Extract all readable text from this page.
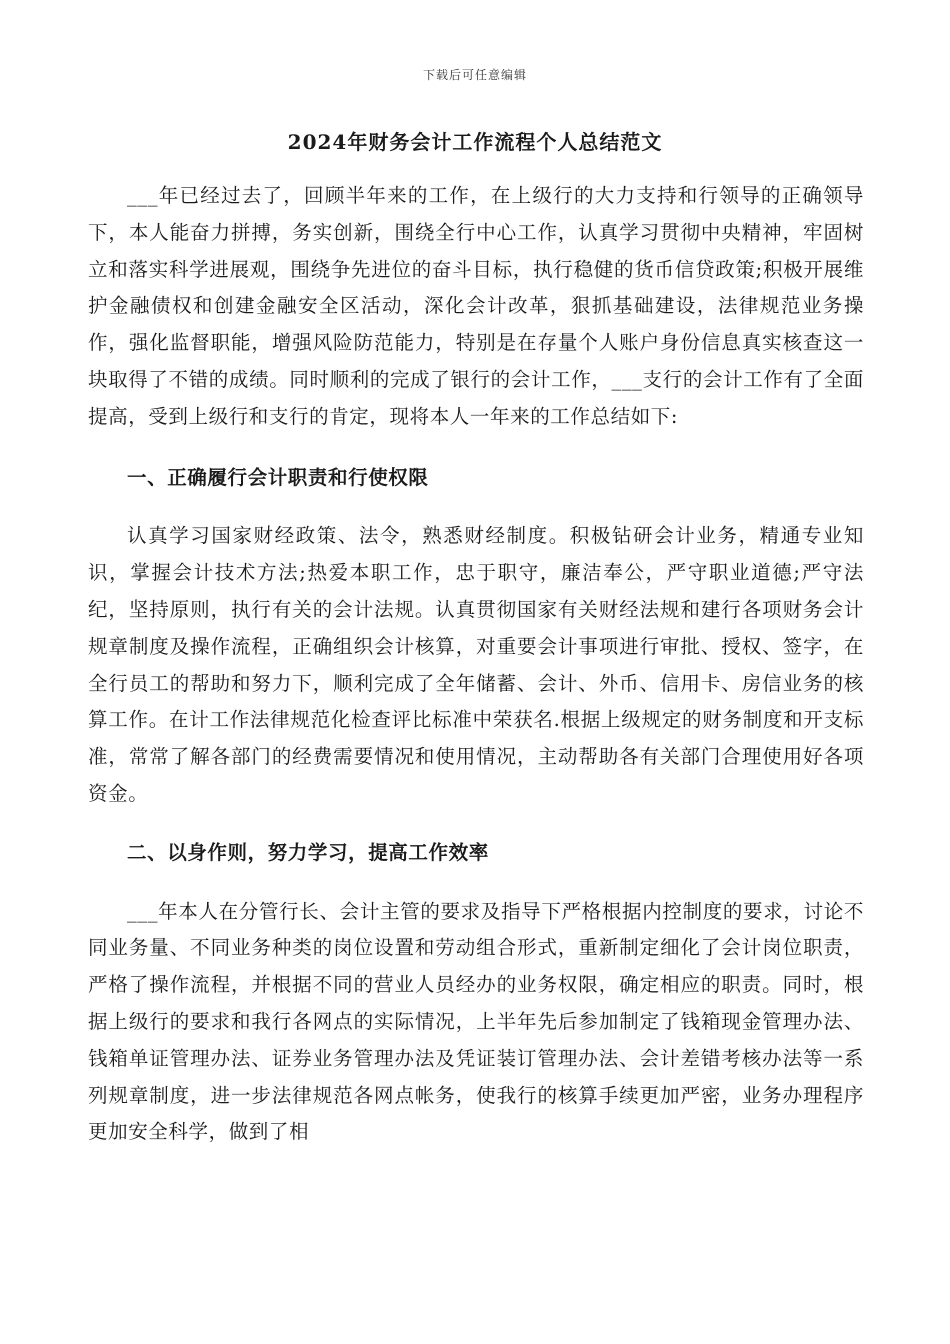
下载后可任意编辑
2024年财务会计工作流程个人总结范文

___年已经过去了，回顾半年来的工作，在上级行的大力支持和行领导的正确领导下，本人能奋力拼搏，务实创新，围绕全行中心工作，认真学习贯彻中央精神，牢固树立和落实科学进展观，围绕争先进位的奋斗目标，执行稳健的货币信贷政策;积极开展维护金融债权和创建金融安全区活动，深化会计改革，狠抓基础建设，法律规范业务操作，强化监督职能，增强风险防范能力，特别是在存量个人账户身份信息真实核查这一块取得了不错的成绩。同时顺利的完成了银行的会计工作，___支行的会计工作有了全面提高，受到上级行和支行的肯定，现将本人一年来的工作总结如下:

一、正确履行会计职责和行使权限

认真学习国家财经政策、法令，熟悉财经制度。积极钻研会计业务，精通专业知识，掌握会计技术方法;热爱本职工作，忠于职守，廉洁奉公，严守职业道德;严守法纪，坚持原则，执行有关的会计法规。认真贯彻国家有关财经法规和建行各项财务会计规章制度及操作流程，正确组织会计核算，对重要会计事项进行审批、授权、签字，在全行员工的帮助和努力下，顺利完成了全年储蓄、会计、外币、信用卡、房信业务的核算工作。在计工作法律规范化检查评比标准中荣获名.根据上级规定的财务制度和开支标准，常常了解各部门的经费需要情况和使用情况，主动帮助各有关部门合理使用好各项资金。

二、以身作则，努力学习，提高工作效率

___年本人在分管行长、会计主管的要求及指导下严格根据内控制度的要求，讨论不同业务量、不同业务种类的岗位设置和劳动组合形式，重新制定细化了会计岗位职责，严格了操作流程，并根据不同的营业人员经办的业务权限，确定相应的职责。同时，根据上级行的要求和我行各网点的实际情况，上半年先后参加制定了钱箱现金管理办法、钱箱单证管理办法、证券业务管理办法及凭证装订管理办法、会计差错考核办法等一系列规章制度，进一步法律规范各网点帐务，使我行的核算手续更加严密，业务办理程序更加安全科学，做到了相
